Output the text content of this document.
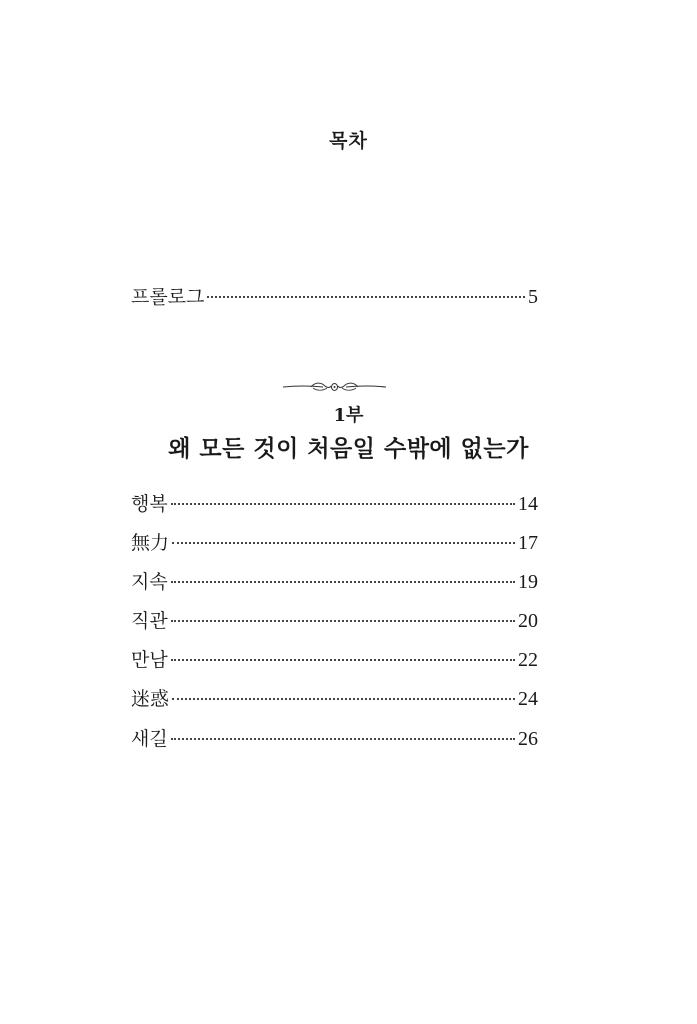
목차
프롤로그	5
1부
왜 모든 것이 처음일 수밖에 없는가
행복	14
無力	17
지속	19
직관	20
만남	22
迷惑	24
새길	26
